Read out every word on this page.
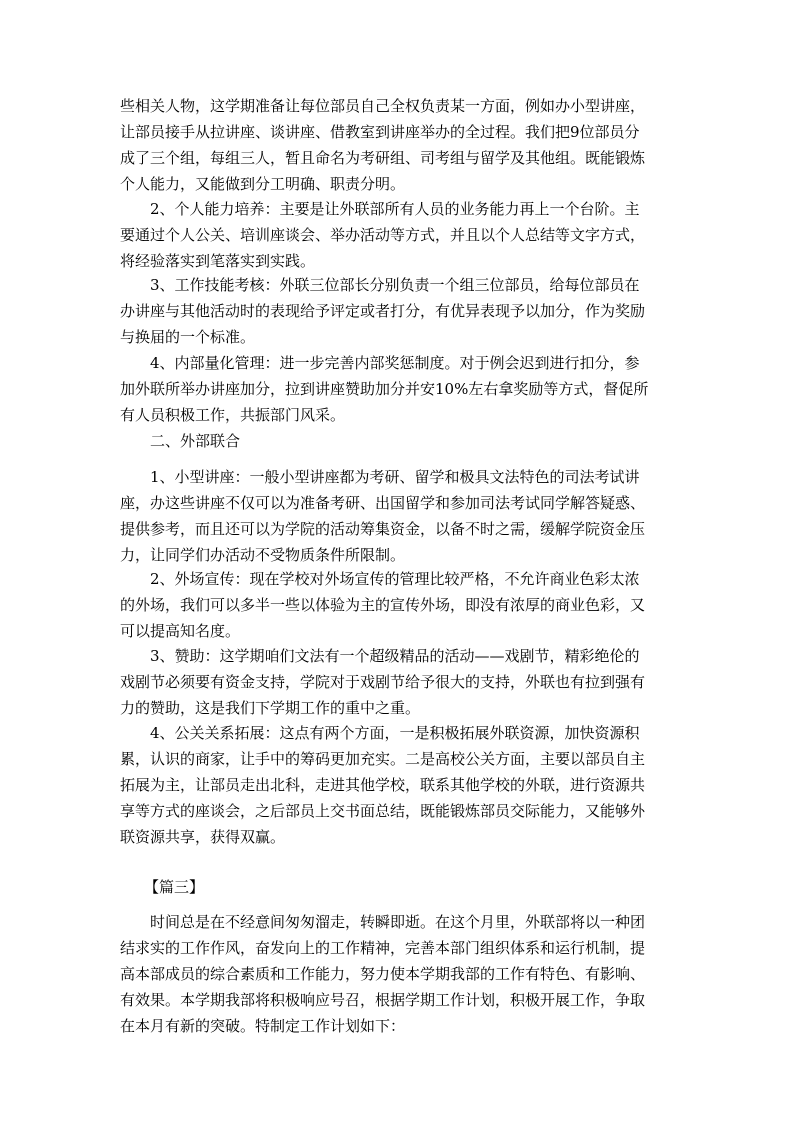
些相关人物，这学期准备让每位部员自己全权负责某一方面，例如办小型讲座，
让部员接手从拉讲座、谈讲座、借教室到讲座举办的全过程。我们把9位部员分
成了三个组，每组三人，暂且命名为考研组、司考组与留学及其他组。既能锻炼
个人能力，又能做到分工明确、职责分明。
2、个人能力培养：主要是让外联部所有人员的业务能力再上一个台阶。主
要通过个人公关、培训座谈会、举办活动等方式，并且以个人总结等文字方式，
将经验落实到笔落实到实践。
3、工作技能考核：外联三位部长分别负责一个组三位部员，给每位部员在
办讲座与其他活动时的表现给予评定或者打分，有优异表现予以加分，作为奖励
与换届的一个标准。
4、内部量化管理：进一步完善内部奖惩制度。对于例会迟到进行扣分，参
加外联所举办讲座加分，拉到讲座赞助加分并安10%左右拿奖励等方式，督促所
有人员积极工作，共振部门风采。
二、外部联合
1、小型讲座：一般小型讲座都为考研、留学和极具文法特色的司法考试讲
座，办这些讲座不仅可以为准备考研、出国留学和参加司法考试同学解答疑惑、
提供参考，而且还可以为学院的活动筹集资金，以备不时之需，缓解学院资金压
力，让同学们办活动不受物质条件所限制。
2、外场宣传：现在学校对外场宣传的管理比较严格，不允许商业色彩太浓
的外场，我们可以多半一些以体验为主的宣传外场，即没有浓厚的商业色彩，又
可以提高知名度。
3、赞助：这学期咱们文法有一个超级精品的活动——戏剧节，精彩绝伦的
戏剧节必须要有资金支持，学院对于戏剧节给予很大的支持，外联也有拉到强有
力的赞助，这是我们下学期工作的重中之重。
4、公关关系拓展：这点有两个方面，一是积极拓展外联资源，加快资源积
累，认识的商家，让手中的筹码更加充实。二是高校公关方面，主要以部员自主
拓展为主，让部员走出北科，走进其他学校，联系其他学校的外联，进行资源共
享等方式的座谈会，之后部员上交书面总结，既能锻炼部员交际能力，又能够外
联资源共享，获得双赢。
【篇三】
时间总是在不经意间匆匆溜走，转瞬即逝。在这个月里，外联部将以一种团
结求实的工作作风，奋发向上的工作精神，完善本部门组织体系和运行机制，提
高本部成员的综合素质和工作能力，努力使本学期我部的工作有特色、有影响、
有效果。本学期我部将积极响应号召，根据学期工作计划，积极开展工作，争取
在本月有新的突破。特制定工作计划如下：
